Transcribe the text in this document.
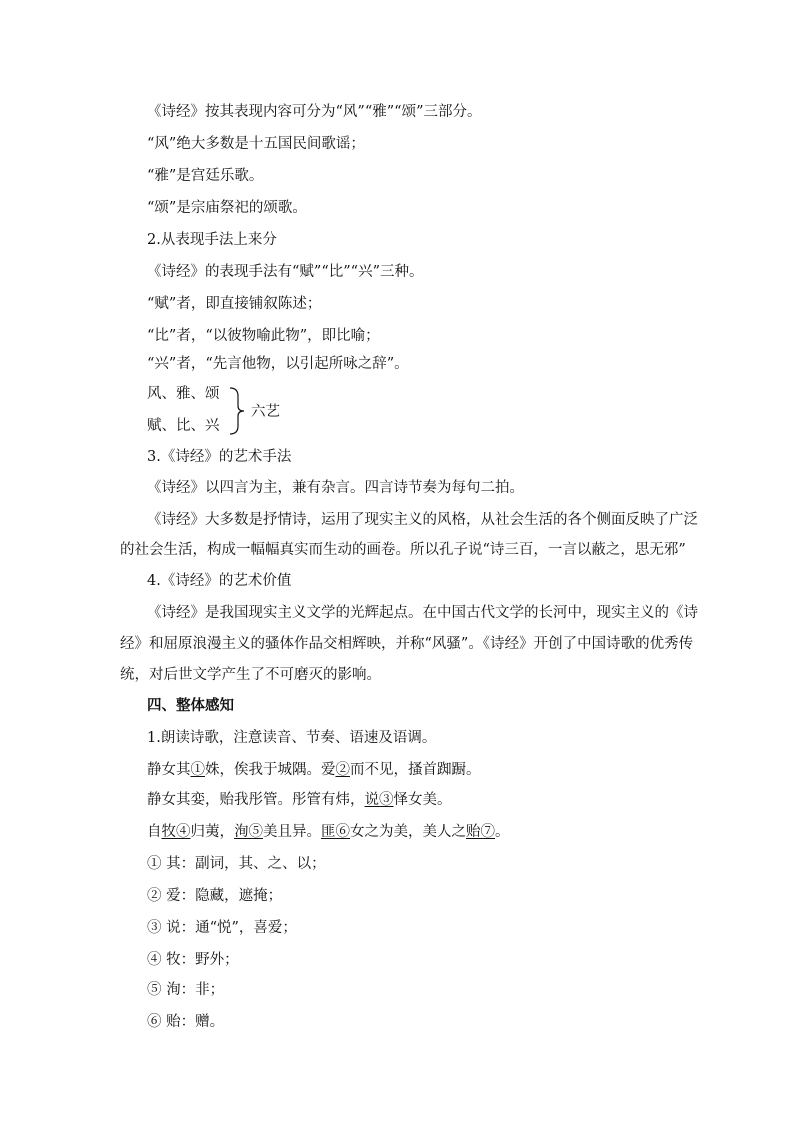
《诗经》按其表现内容可分为“风”“雅”“颂”三部分。

“风”绝大多数是十五国民间歌谣；

“雅”是宫廷乐歌。

“颂”是宗庙祭祀的颂歌。

2.从表现手法上来分

《诗经》的表现手法有“赋”“比”“兴”三种。

“赋”者，即直接铺叙陈述；

“比”者，“以彼物喻此物”，即比喻；

“兴”者，“先言他物，以引起所咏之辞”。

风、雅、颂
赋、比、兴
六艺

3.《诗经》的艺术手法

《诗经》以四言为主，兼有杂言。四言诗节奏为每句二拍。

《诗经》大多数是抒情诗，运用了现实主义的风格，从社会生活的各个侧面反映了广泛

的社会生活，构成一幅幅真实而生动的画卷。所以孔子说“诗三百，一言以蔽之，思无邪”

4.《诗经》的艺术价值

《诗经》是我国现实主义文学的光辉起点。在中国古代文学的长河中，现实主义的《诗

经》和屈原浪漫主义的骚体作品交相辉映，并称“风骚”。《诗经》开创了中国诗歌的优秀传

统，对后世文学产生了不可磨灭的影响。

四、整体感知

1.朗读诗歌，注意读音、节奏、语速及语调。

静女其①姝，俟我于城隅。爱②而不见，搔首踟蹰。

静女其娈，贻我彤管。彤管有炜，说③怿女美。

自牧④归荑，洵⑤美且异。匪⑥女之为美，美人之贻⑦。

① 其：副词，其、之、以；

② 爱：隐藏，遮掩；

③ 说：通“悦”，喜爱；

④ 牧：野外；

⑤ 洵：非；

⑥ 贻：赠。
